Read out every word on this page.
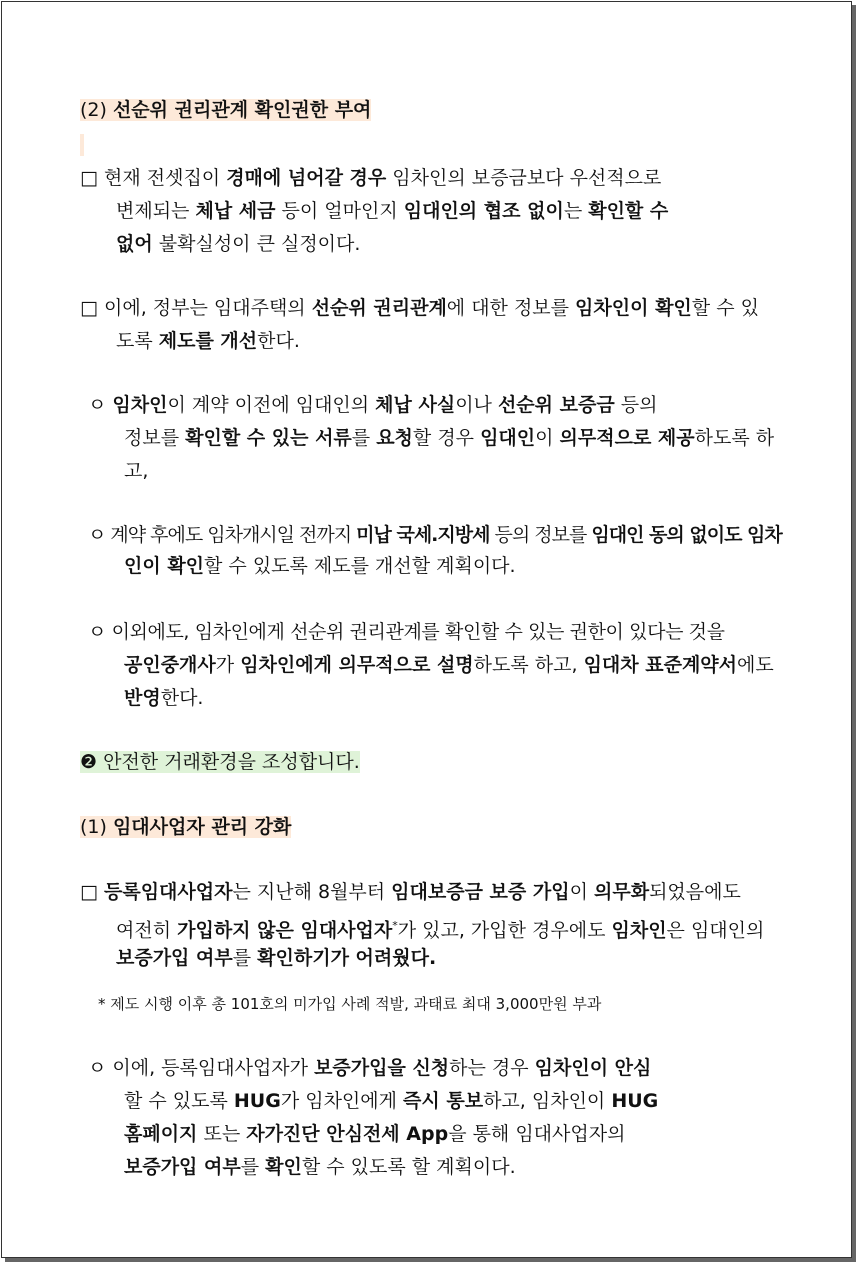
(2) 선순위 권리관계 확인권한 부여

□ 현재 전셋집이 경매에 넘어갈 경우 임차인의 보증금보다 우선적으로

변제되는 체납 세금 등이 얼마인지 임대인의 협조 없이는 확인할 수

없어 불확실성이 큰 실정이다.

□ 이에, 정부는 임대주택의 선순위 권리관계에 대한 정보를 임차인이 확인할 수 있

도록 제도를 개선한다.

ㅇ 임차인이 계약 이전에 임대인의 체납 사실이나 선순위 보증금 등의

정보를 확인할 수 있는 서류를 요청할 경우 임대인이 의무적으로 제공하도록 하

고,

ㅇ 계약 후에도 임차개시일 전까지 미납 국세.지방세 등의 정보를 임대인 동의 없이도 임차

인이 확인할 수 있도록 제도를 개선할 계획이다.

ㅇ 이외에도, 임차인에게 선순위 권리관계를 확인할 수 있는 권한이 있다는 것을

공인중개사가 임차인에게 의무적으로 설명하도록 하고, 임대차 표준계약서에도

반영한다.

❷ 안전한 거래환경을 조성합니다.

(1) 임대사업자 관리 강화

□ 등록임대사업자는 지난해 8월부터 임대보증금 보증 가입이 의무화되었음에도

여전히 가입하지 않은 임대사업자*가 있고, 가입한 경우에도 임차인은 임대인의

보증가입 여부를 확인하기가 어려웠다.

* 제도 시행 이후 총 101호의 미가입 사례 적발, 과태료 최대 3,000만원 부과

ㅇ 이에, 등록임대사업자가 보증가입을 신청하는 경우 임차인이 안심

할 수 있도록 HUG가 임차인에게 즉시 통보하고, 임차인이 HUG

홈페이지 또는 자가진단 안심전세 App을 통해 임대사업자의

보증가입 여부를 확인할 수 있도록 할 계획이다.
